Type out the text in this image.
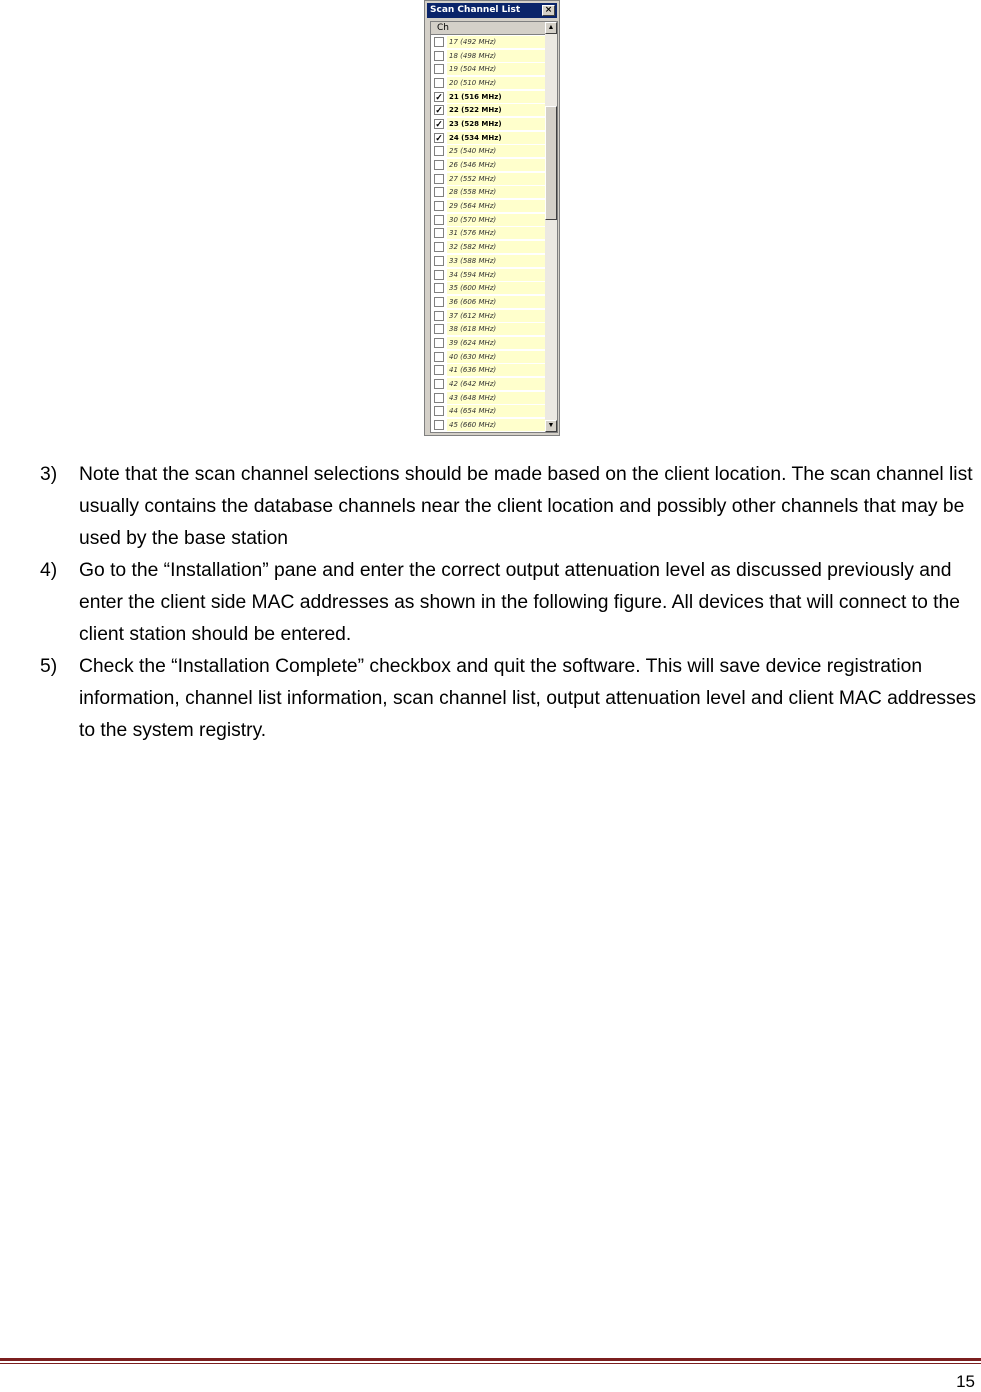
Scan Channel List	×
Ch
17 (492 MHz)
18 (498 MHz)
19 (504 MHz)
20 (510 MHz)
✓ 21 (516 MHz)
✓ 22 (522 MHz)
✓ 23 (528 MHz)
✓ 24 (534 MHz)
25 (540 MHz)
26 (546 MHz)
27 (552 MHz)
28 (558 MHz)
29 (564 MHz)
30 (570 MHz)
31 (576 MHz)
32 (582 MHz)
33 (588 MHz)
34 (594 MHz)
35 (600 MHz)
36 (606 MHz)
37 (612 MHz)
38 (618 MHz)
39 (624 MHz)
40 (630 MHz)
41 (636 MHz)
42 (642 MHz)
43 (648 MHz)
44 (654 MHz)
45 (660 MHz)
▲
▼
3) Note that the scan channel selections should be made based on the client location. The scan channel list usually contains the database channels near the client location and possibly other channels that may be used by the base station
4) Go to the “Installation” pane and enter the correct output attenuation level as discussed previously and enter the client side MAC addresses as shown in the following figure. All devices that will connect to the client station should be entered.
5) Check the “Installation Complete” checkbox and quit the software. This will save device registration information, channel list information, scan channel list, output attenuation level and client MAC addresses to the system registry.
15
